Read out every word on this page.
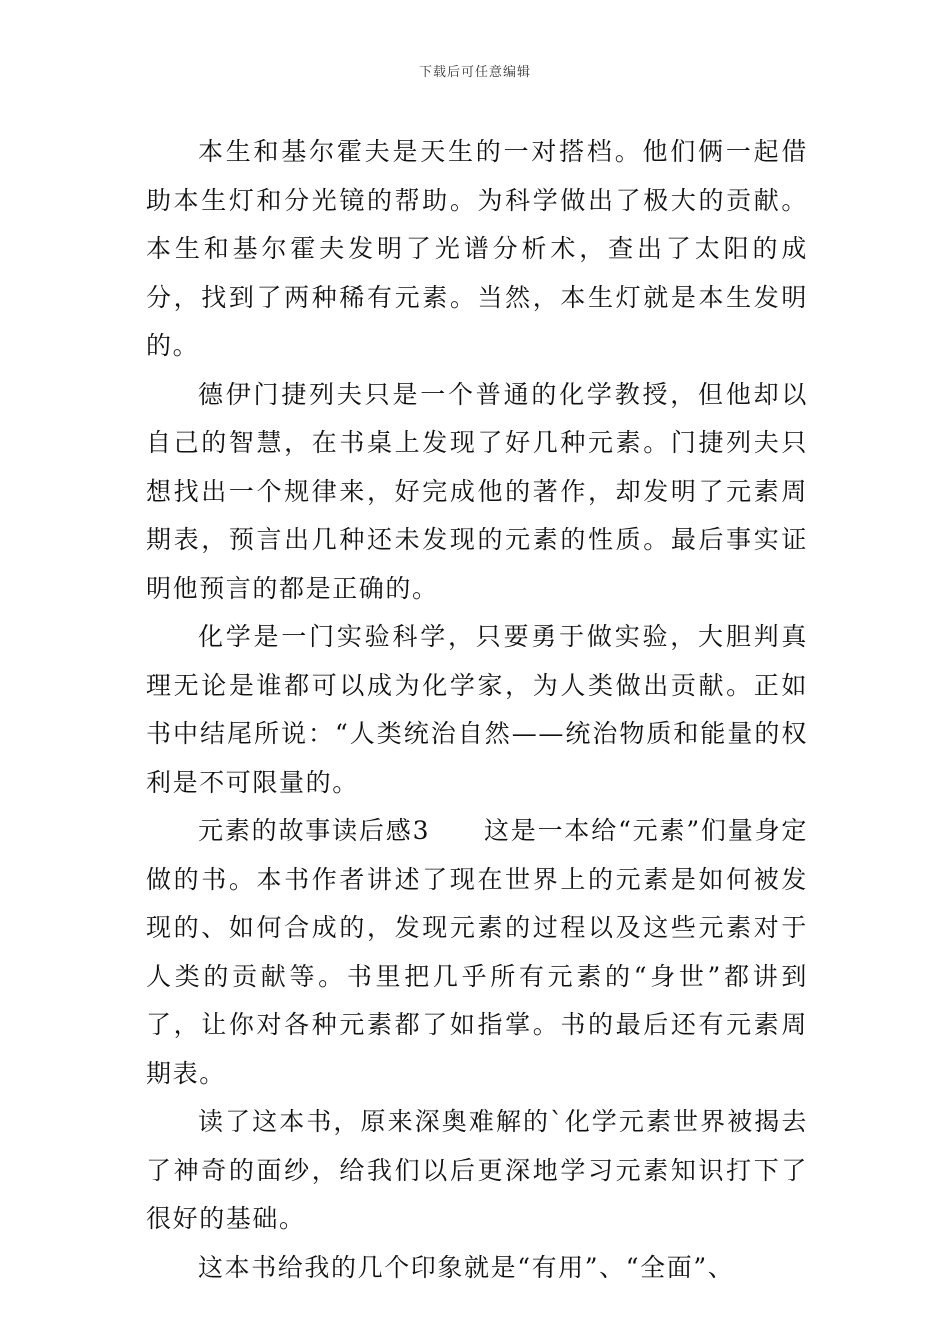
下载后可任意编辑

本生和基尔霍夫是天生的一对搭档。他们俩一起借助本生灯和分光镜的帮助。为科学做出了极大的贡献。本生和基尔霍夫发明了光谱分析术，查出了太阳的成分，找到了两种稀有元素。当然，本生灯就是本生发明的。

德伊门捷列夫只是一个普通的化学教授，但他却以自己的智慧，在书桌上发现了好几种元素。门捷列夫只想找出一个规律来，好完成他的著作，却发明了元素周期表，预言出几种还未发现的元素的性质。最后事实证明他预言的都是正确的。

化学是一门实验科学，只要勇于做实验，大胆判真理无论是谁都可以成为化学家，为人类做出贡献。正如书中结尾所说：“人类统治自然——统治物质和能量的权利是不可限量的。

元素的故事读后感3　　这是一本给“元素”们量身定做的书。本书作者讲述了现在世界上的元素是如何被发现的、如何合成的，发现元素的过程以及这些元素对于人类的贡献等。书里把几乎所有元素的“身世”都讲到了，让你对各种元素都了如指掌。书的最后还有元素周期表。

读了这本书，原来深奥难解的`化学元素世界被揭去了神奇的面纱，给我们以后更深地学习元素知识打下了很好的基础。

这本书给我的几个印象就是“有用”、“全面”、
